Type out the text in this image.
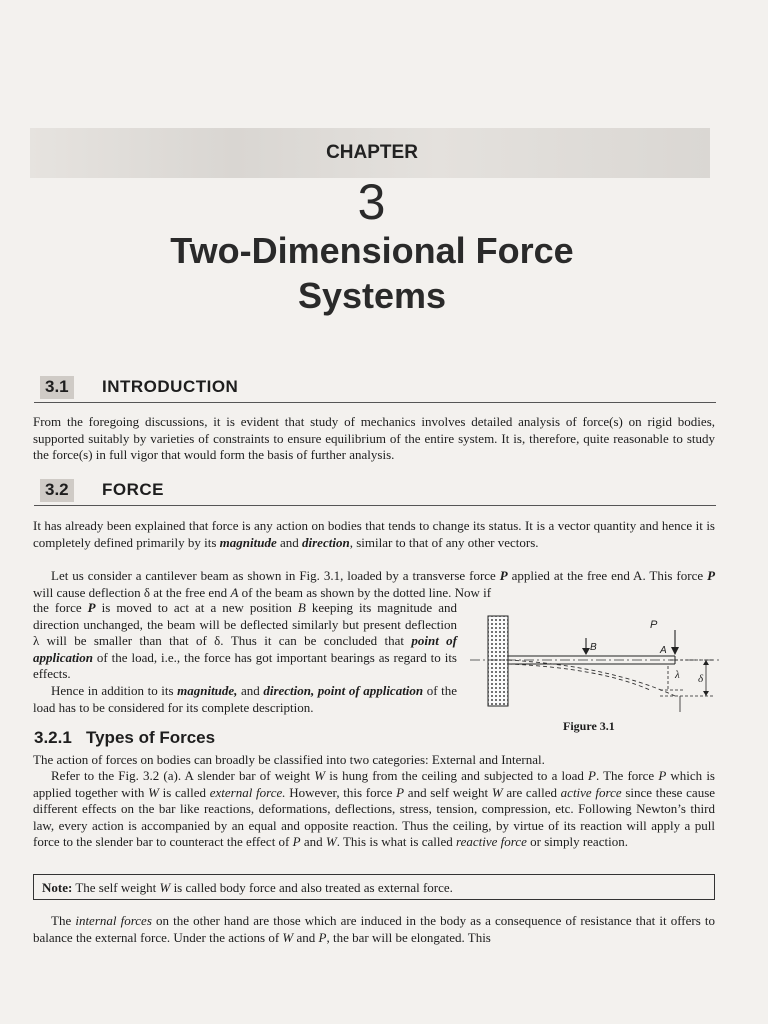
CHAPTER
3
Two-Dimensional Force
Systems
3.1 INTRODUCTION
From the foregoing discussions, it is evident that study of mechanics involves detailed analysis of force(s) on rigid bodies, supported suitably by varieties of constraints to ensure equilibrium of the entire system. It is, therefore, quite reasonable to study the force(s) in full vigor that would form the basis of further analysis.
3.2 FORCE
It has already been explained that force is any action on bodies that tends to change its status. It is a vector quantity and hence it is completely defined primarily by its magnitude and direction, similar to that of any other vectors.
Let us consider a cantilever beam as shown in Fig. 3.1, loaded by a transverse force P applied at the free end A. This force P will cause deflection δ at the free end A of the beam as shown by the dotted line. Now if
the force P is moved to act at a new position B keeping its magnitude and direction unchanged, the beam will be deflected similarly but present deflection λ will be smaller than that of δ. Thus it can be concluded that point of application of the load, i.e., the force has got important bearings as regard to its effects.
Hence in addition to its magnitude, and direction, point of application of the load has to be considered for its complete description.
P
B	A
λ δ
Figure 3.1
3.2.1 Types of Forces
The action of forces on bodies can broadly be classified into two categories: External and Internal.
Refer to the Fig. 3.2 (a). A slender bar of weight W is hung from the ceiling and subjected to a load P. The force P which is applied together with W is called external force. However, this force P and self weight W are called active force since these cause different effects on the bar like reactions, deformations, deflections, stress, tension, compression, etc. Following Newton’s third law, every action is accompanied by an equal and opposite reaction. Thus the ceiling, by virtue of its reaction will apply a pull force to the slender bar to counteract the effect of P and W. This is what is called reactive force or simply reaction.
Note: The self weight W is called body force and also treated as external force.
The internal forces on the other hand are those which are induced in the body as a consequence of resistance that it offers to balance the external force. Under the actions of W and P, the bar will be elongated. This
